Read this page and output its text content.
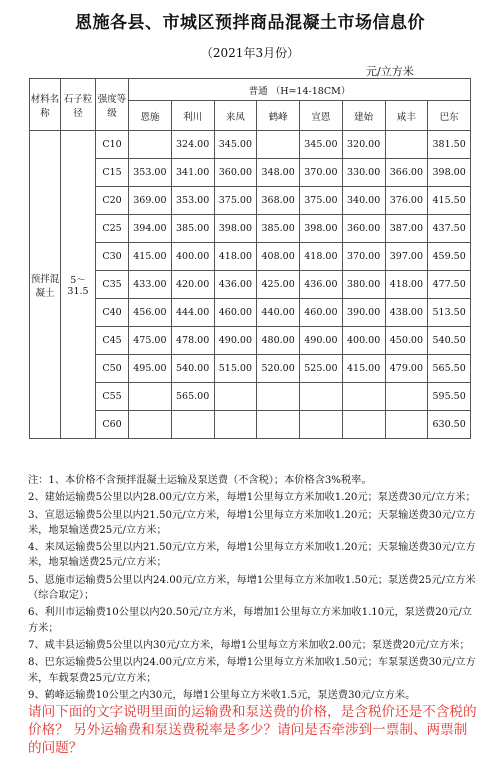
恩施各县、市城区预拌商品混凝土市场信息价
（2021年3月份）
元/立方米
材料名称	石子粒径	强度等级	普通 （H=14-18CM）							
			恩施	利川	来凤	鹤峰	宣恩	建始	咸丰	巴东
预拌混凝土	5～31.5	C10		324.00	345.00		345.00	320.00		381.50
		C15	353.00	341.00	360.00	348.00	370.00	330.00	366.00	398.00
		C20	369.00	353.00	375.00	368.00	375.00	340.00	376.00	415.50
		C25	394.00	385.00	398.00	385.00	398.00	360.00	387.00	437.50
		C30	415.00	400.00	418.00	408.00	418.00	370.00	397.00	459.50
		C35	433.00	420.00	436.00	425.00	436.00	380.00	418.00	477.50
		C40	456.00	444.00	460.00	440.00	460.00	390.00	438.00	513.50
		C45	475.00	478.00	490.00	480.00	490.00	400.00	450.00	540.50
		C50	495.00	540.00	515.00	520.00	525.00	415.00	479.00	565.50
		C55		565.00						595.50
		C60								630.50

注：1、本价格不含预拌混凝土运输及泵送费（不含税）；本价格含3%税率。

2、建始运输费5公里以内28.00元/立方米，每增1公里每立方米加收1.20元；泵送费30元/立方米；

3、宣恩运输费5公里以内21.50元/立方米，每增1公里每立方米加收1.20元；天泵输送费30元/立方米，地泵输送费25元/立方米；

4、来凤运输费5公里以内21.50元/立方米，每增1公里每立方米加收1.20元；天泵输送费30元/立方米，地泵输送费25元/立方米；

5、恩施市运输费5公里以内24.00元/立方米，每增1公里每立方米加收1.50元；泵送费25元/立方米（综合取定）；

6、利川市运输费10公里以内20.50元/立方米，每增加1公里每立方米加收1.10元，泵送费20元/立方米；

7、咸丰县运输费5公里以内30元/立方米，每增1公里每立方米加收2.00元；泵送费20元/立方米；

8、巴东运输费5公里以内24.00元/立方米，每增1公里每立方米加收1.50元；车泵泵送费30元/立方米，车载泵费25元/立方米；

9、鹤峰运输费10公里之内30元，每增1公里每立方米收1.5元，泵送费30元/立方米。

请问下面的文字说明里面的运输费和泵送费的价格，是含税价还是不含税的价格？ 另外运输费和泵送费税率是多少？请问是否牵涉到一票制、两票制的问题？
